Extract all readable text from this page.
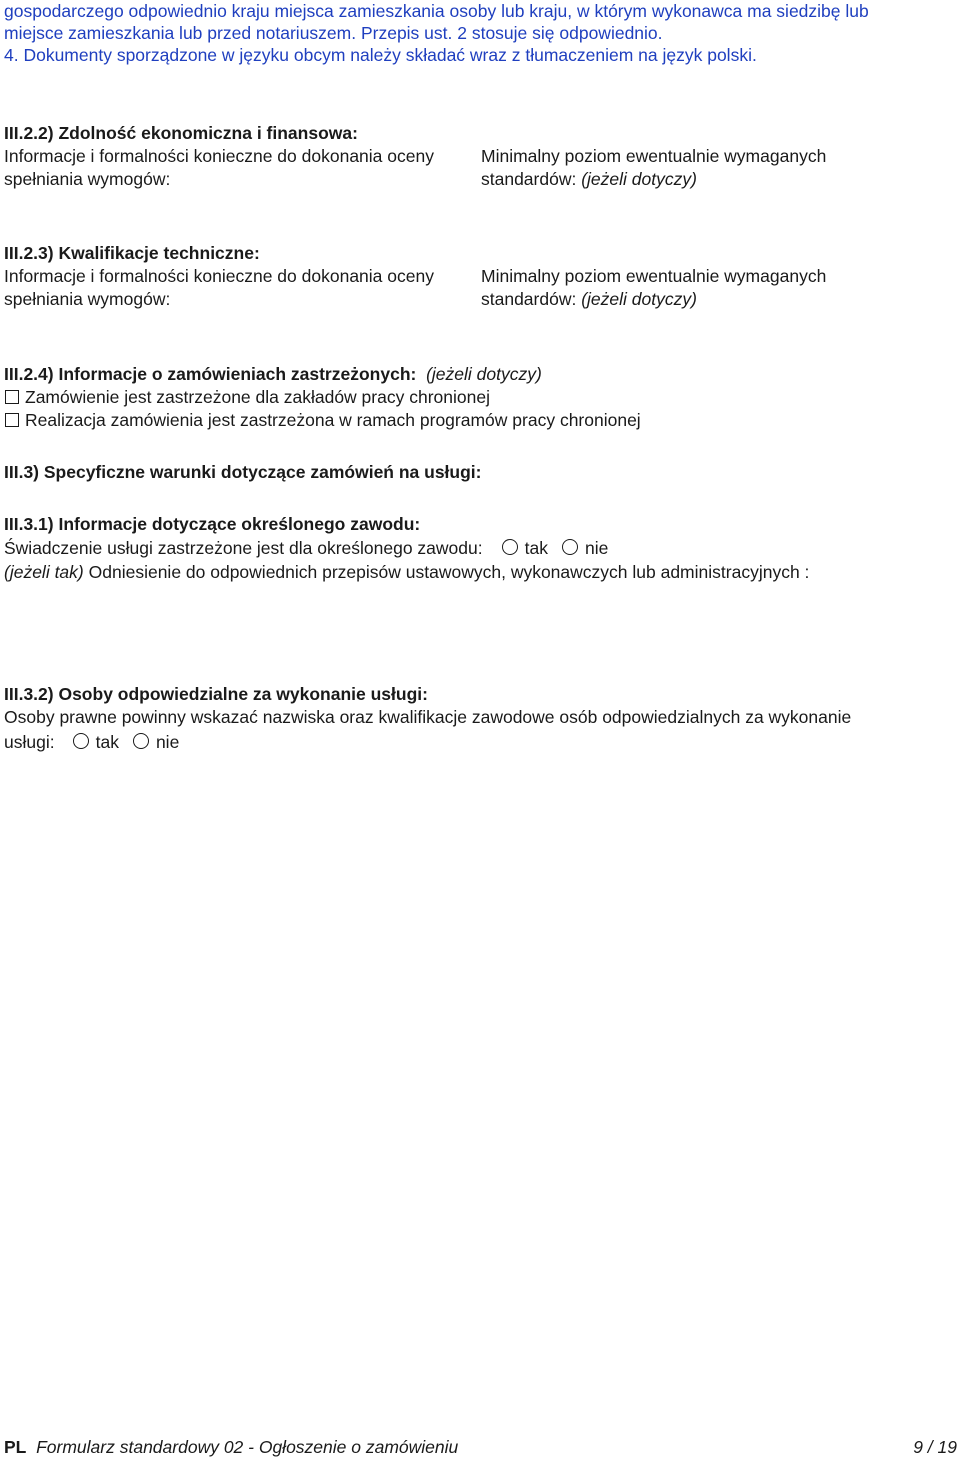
gospodarczego odpowiednio kraju miejsca zamieszkania osoby lub kraju, w którym wykonawca ma siedzibę lub
miejsce zamieszkania lub przed notariuszem. Przepis ust. 2 stosuje się odpowiednio.
4. Dokumenty sporządzone w języku obcym należy składać wraz z tłumaczeniem na język polski.
III.2.2) Zdolność ekonomiczna i finansowa:
Informacje i formalności konieczne do dokonania oceny
spełniania wymogów:
Minimalny poziom ewentualnie wymaganych
standardów: (jeżeli dotyczy)
III.2.3) Kwalifikacje techniczne:
Informacje i formalności konieczne do dokonania oceny
spełniania wymogów:
Minimalny poziom ewentualnie wymaganych
standardów: (jeżeli dotyczy)
III.2.4) Informacje o zamówieniach zastrzeżonych: (jeżeli dotyczy)
Zamówienie jest zastrzeżone dla zakładów pracy chronionej
Realizacja zamówienia jest zastrzeżona w ramach programów pracy chronionej
III.3) Specyficzne warunki dotyczące zamówień na usługi:
III.3.1) Informacje dotyczące określonego zawodu:
Świadczenie usługi zastrzeżone jest dla określonego zawodu: tak nie
(jeżeli tak) Odniesienie do odpowiednich przepisów ustawowych, wykonawczych lub administracyjnych :
III.3.2) Osoby odpowiedzialne za wykonanie usługi:
Osoby prawne powinny wskazać nazwiska oraz kwalifikacje zawodowe osób odpowiedzialnych za wykonanie
usługi: tak nie
PL Formularz standardowy 02 - Ogłoszenie o zamówieniu	9 / 19
